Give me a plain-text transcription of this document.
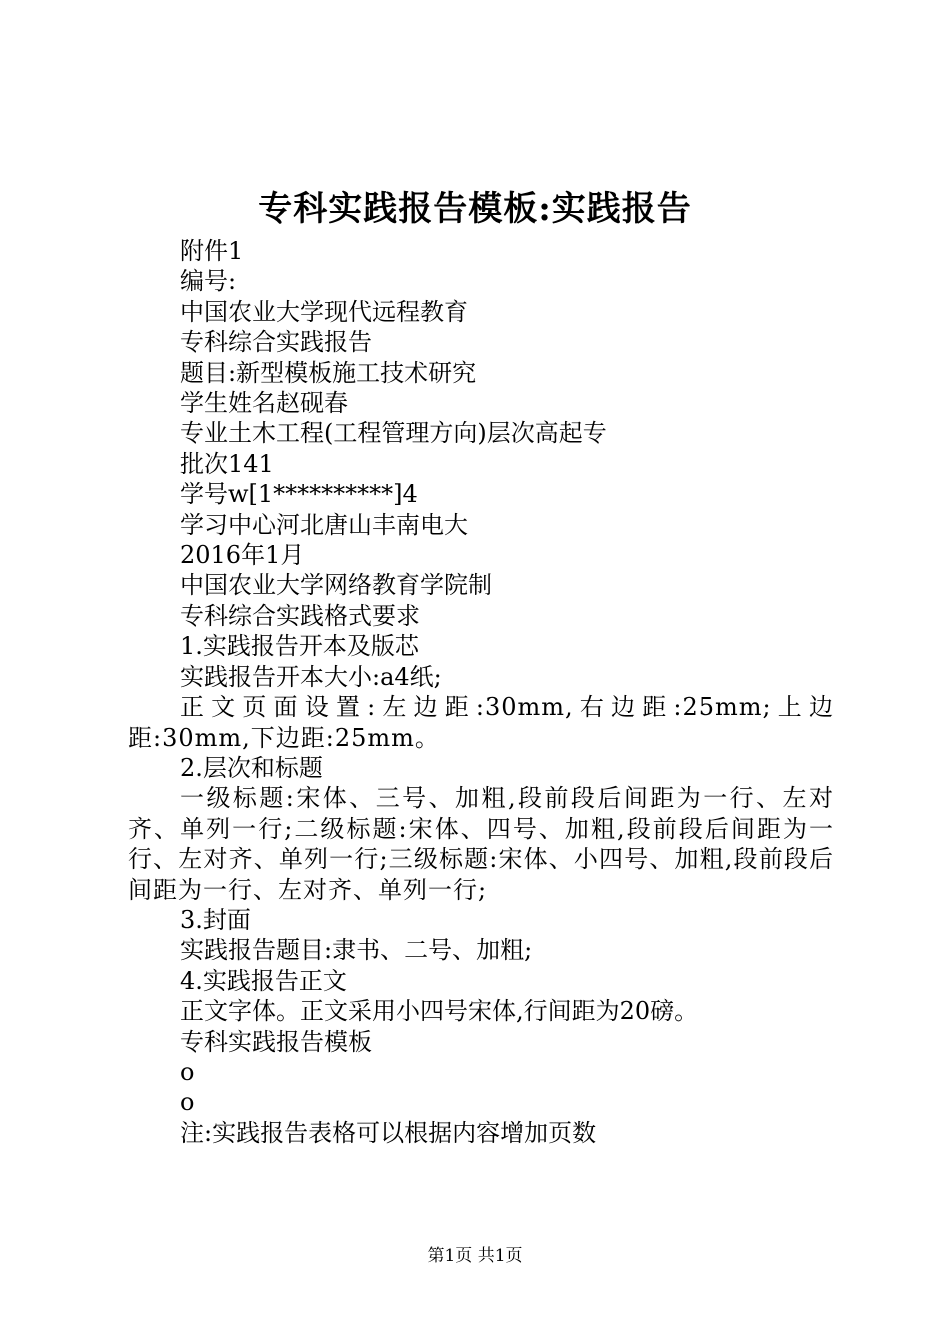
专科实践报告模板:实践报告
附件1
编号:
中国农业大学现代远程教育
专科综合实践报告
题目:新型模板施工技术研究
学生姓名赵砚春
专业土木工程(工程管理方向)层次高起专
批次141
学号w[1**********]4
学习中心河北唐山丰南电大
2016年1月
中国农业大学网络教育学院制
专科综合实践格式要求
1.实践报告开本及版芯
实践报告开本大小:a4纸;
正文页面设置:左边距:30mm,右边距:25mm;上边距:30mm,下边距:25mm。
2.层次和标题
一级标题:宋体、三号、加粗,段前段后间距为一行、左对齐、单列一行;二级标题:宋体、四号、加粗,段前段后间距为一行、左对齐、单列一行;三级标题:宋体、小四号、加粗,段前段后间距为一行、左对齐、单列一行;
3.封面
实践报告题目:隶书、二号、加粗;
4.实践报告正文
正文字体。正文采用小四号宋体,行间距为20磅。
专科实践报告模板
o
o
注:实践报告表格可以根据内容增加页数
第1页 共1页
